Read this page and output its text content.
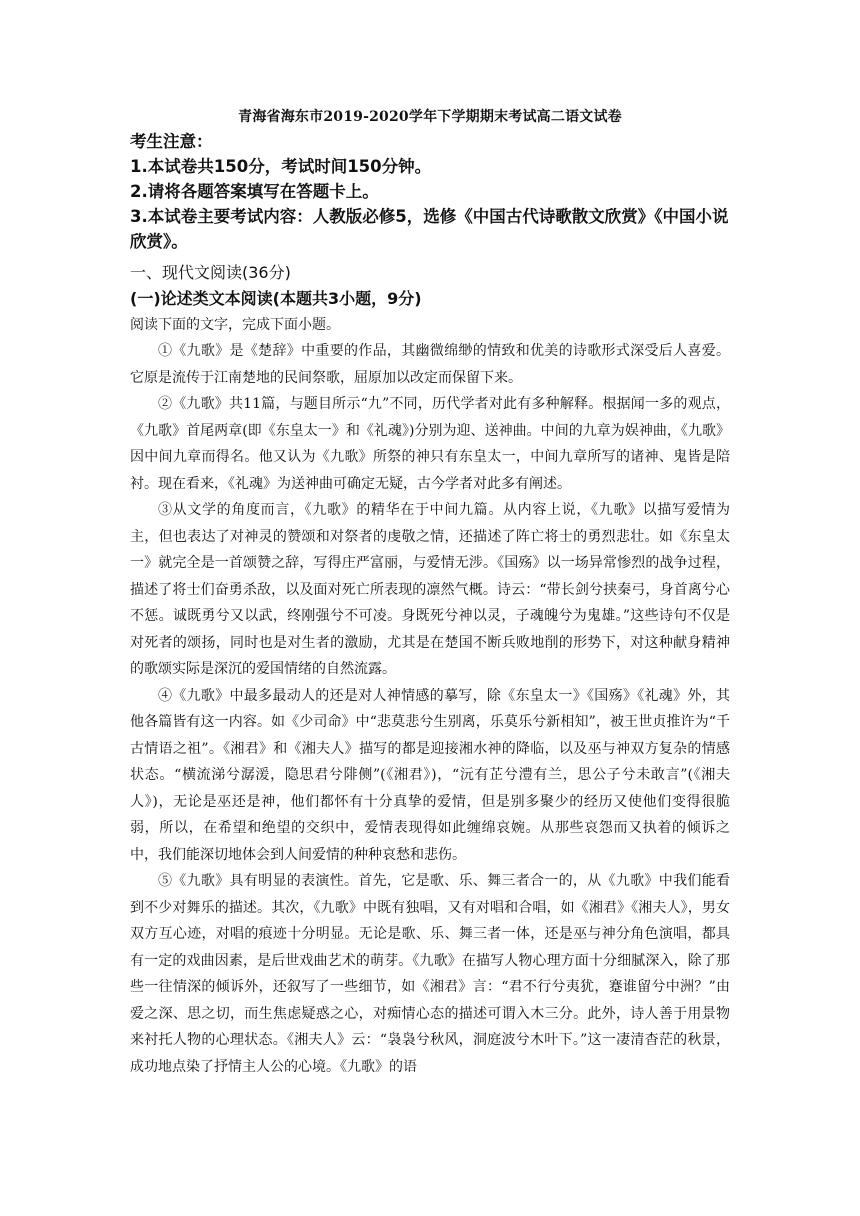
青海省海东市2019-2020学年下学期期末考试高二语文试卷
考生注意：
1.本试卷共150分，考试时间150分钟。
2.请将各题答案填写在答题卡上。
3.本试卷主要考试内容：人教版必修5，选修《中国古代诗歌散文欣赏》《中国小说欣赏》。
一、现代文阅读(36分)
(一)论述类文本阅读(本题共3小题，9分)
阅读下面的文字，完成下面小题。

①《九歌》是《楚辞》中重要的作品，其幽微绵缈的情致和优美的诗歌形式深受后人喜爱。它原是流传于江南楚地的民间祭歌，屈原加以改定而保留下来。

②《九歌》共11篇，与题目所示“九”不同，历代学者对此有多种解释。根据闻一多的观点，《九歌》首尾两章(即《东皇太一》和《礼魂》)分别为迎、送神曲。中间的九章为娱神曲，《九歌》因中间九章而得名。他又认为《九歌》所祭的神只有东皇太一，中间九章所写的诸神、鬼皆是陪衬。现在看来，《礼魂》为送神曲可确定无疑，古今学者对此多有阐述。

③从文学的角度而言，《九歌》的精华在于中间九篇。从内容上说，《九歌》以描写爱情为主，但也表达了对神灵的赞颂和对祭者的虔敬之情，还描述了阵亡将士的勇烈悲壮。如《东皇太一》就完全是一首颂赞之辞，写得庄严富丽，与爱情无涉。《国殇》以一场异常惨烈的战争过程，描述了将士们奋勇杀敌，以及面对死亡所表现的凛然气概。诗云：“带长剑兮挟秦弓，身首离兮心不惩。诚既勇兮又以武，终刚强兮不可凌。身既死兮神以灵，子魂魄兮为鬼雄。”这些诗句不仅是对死者的颂扬，同时也是对生者的激励，尤其是在楚国不断兵败地削的形势下，对这种献身精神的歌颂实际是深沉的爱国情绪的自然流露。

④《九歌》中最多最动人的还是对人神情感的摹写，除《东皇太一》《国殇》《礼魂》外，其他各篇皆有这一内容。如《少司命》中“悲莫悲兮生别离，乐莫乐兮新相知”，被王世贞推许为“千古情语之祖”。《湘君》和《湘夫人》描写的都是迎接湘水神的降临，以及巫与神双方复杂的情感状态。“横流涕兮潺湲，隐思君兮陫侧”(《湘君》)，“沅有芷兮澧有兰，思公子兮未敢言”(《湘夫人》)，无论是巫还是神，他们都怀有十分真挚的爱情，但是别多聚少的经历又使他们变得很脆弱，所以，在希望和绝望的交织中，爱情表现得如此缠绵哀婉。从那些哀怨而又执着的倾诉之中，我们能深切地体会到人间爱情的种种哀愁和悲伤。

⑤《九歌》具有明显的表演性。首先，它是歌、乐、舞三者合一的，从《九歌》中我们能看到不少对舞乐的描述。其次，《九歌》中既有独唱，又有对唱和合唱，如《湘君》《湘夫人》，男女双方互心迹，对唱的痕迹十分明显。无论是歌、乐、舞三者一体，还是巫与神分角色演唱，都具有一定的戏曲因素，是后世戏曲艺术的萌芽。《九歌》在描写人物心理方面十分细腻深入，除了那些一往情深的倾诉外，还叙写了一些细节，如《湘君》言：“君不行兮夷犹，蹇谁留兮中洲？”由爱之深、思之切，而生焦虑疑惑之心，对痴情心态的描述可谓入木三分。此外，诗人善于用景物来衬托人物的心理状态。《湘夫人》云：“袅袅兮秋风，洞庭波兮木叶下。”这一凄清杳茫的秋景，成功地点染了抒情主人公的心境。《九歌》的语
